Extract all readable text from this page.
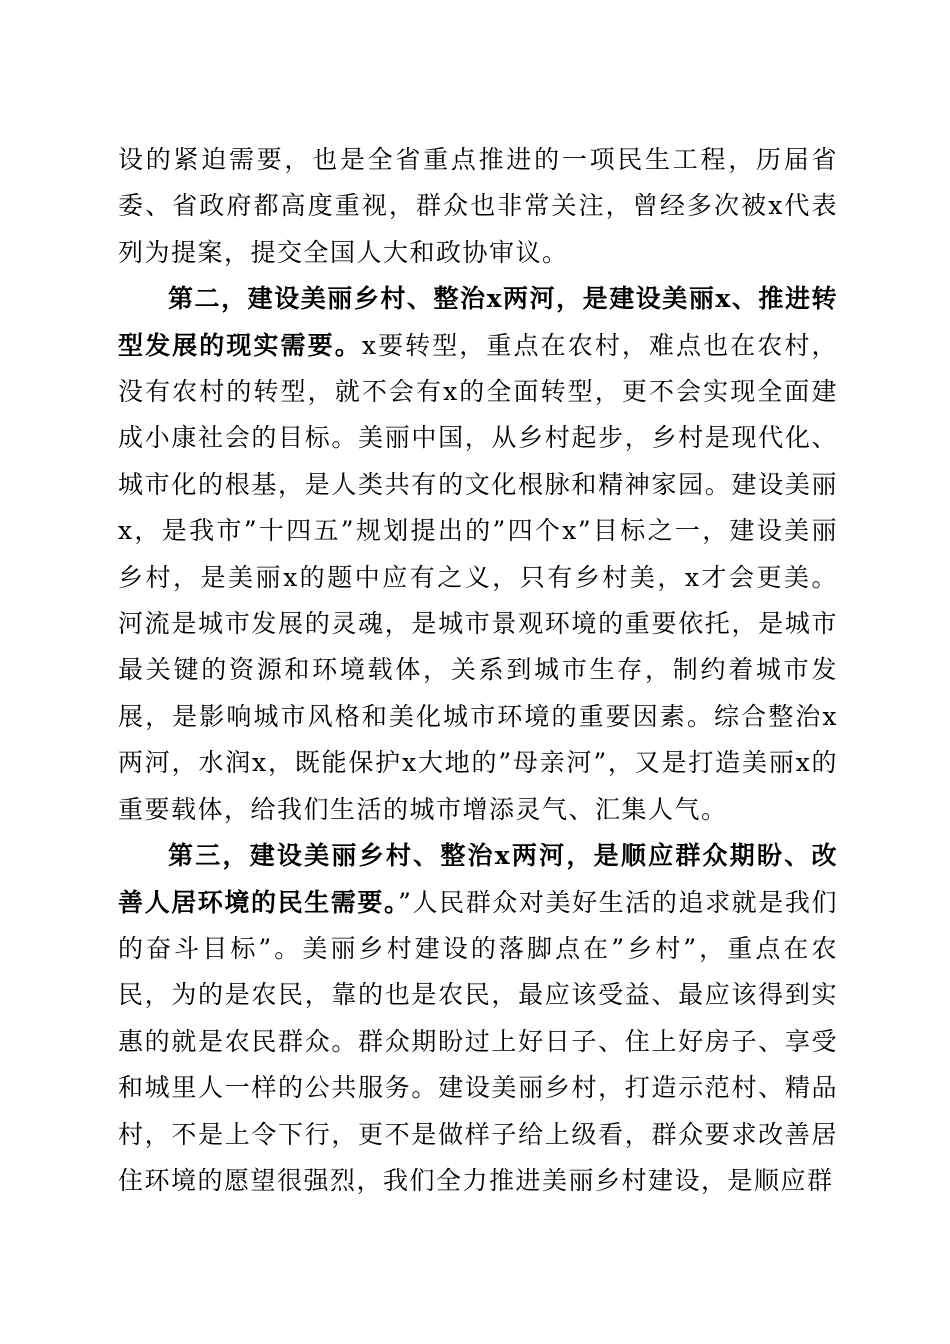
设的紧迫需要，也是全省重点推进的一项民生工程，历届省委、省政府都高度重视，群众也非常关注，曾经多次被x代表列为提案，提交全国人大和政协审议。

第二，建设美丽乡村、整治x两河，是建设美丽x、推进转型发展的现实需要。x要转型，重点在农村，难点也在农村，没有农村的转型，就不会有x的全面转型，更不会实现全面建成小康社会的目标。美丽中国，从乡村起步，乡村是现代化、城市化的根基，是人类共有的文化根脉和精神家园。建设美丽x，是我市”十四五”规划提出的”四个x”目标之一，建设美丽乡村，是美丽x的题中应有之义，只有乡村美，x才会更美。河流是城市发展的灵魂，是城市景观环境的重要依托，是城市最关键的资源和环境载体，关系到城市生存，制约着城市发展，是影响城市风格和美化城市环境的重要因素。综合整治x两河，水润x，既能保护x大地的”母亲河”，又是打造美丽x的重要载体，给我们生活的城市增添灵气、汇集人气。

第三，建设美丽乡村、整治x两河，是顺应群众期盼、改善人居环境的民生需要。”人民群众对美好生活的追求就是我们的奋斗目标”。美丽乡村建设的落脚点在”乡村”，重点在农民，为的是农民，靠的也是农民，最应该受益、最应该得到实惠的就是农民群众。群众期盼过上好日子、住上好房子、享受和城里人一样的公共服务。建设美丽乡村，打造示范村、精品村，不是上令下行，更不是做样子给上级看，群众要求改善居住环境的愿望很强烈，我们全力推进美丽乡村建设，是顺应群
